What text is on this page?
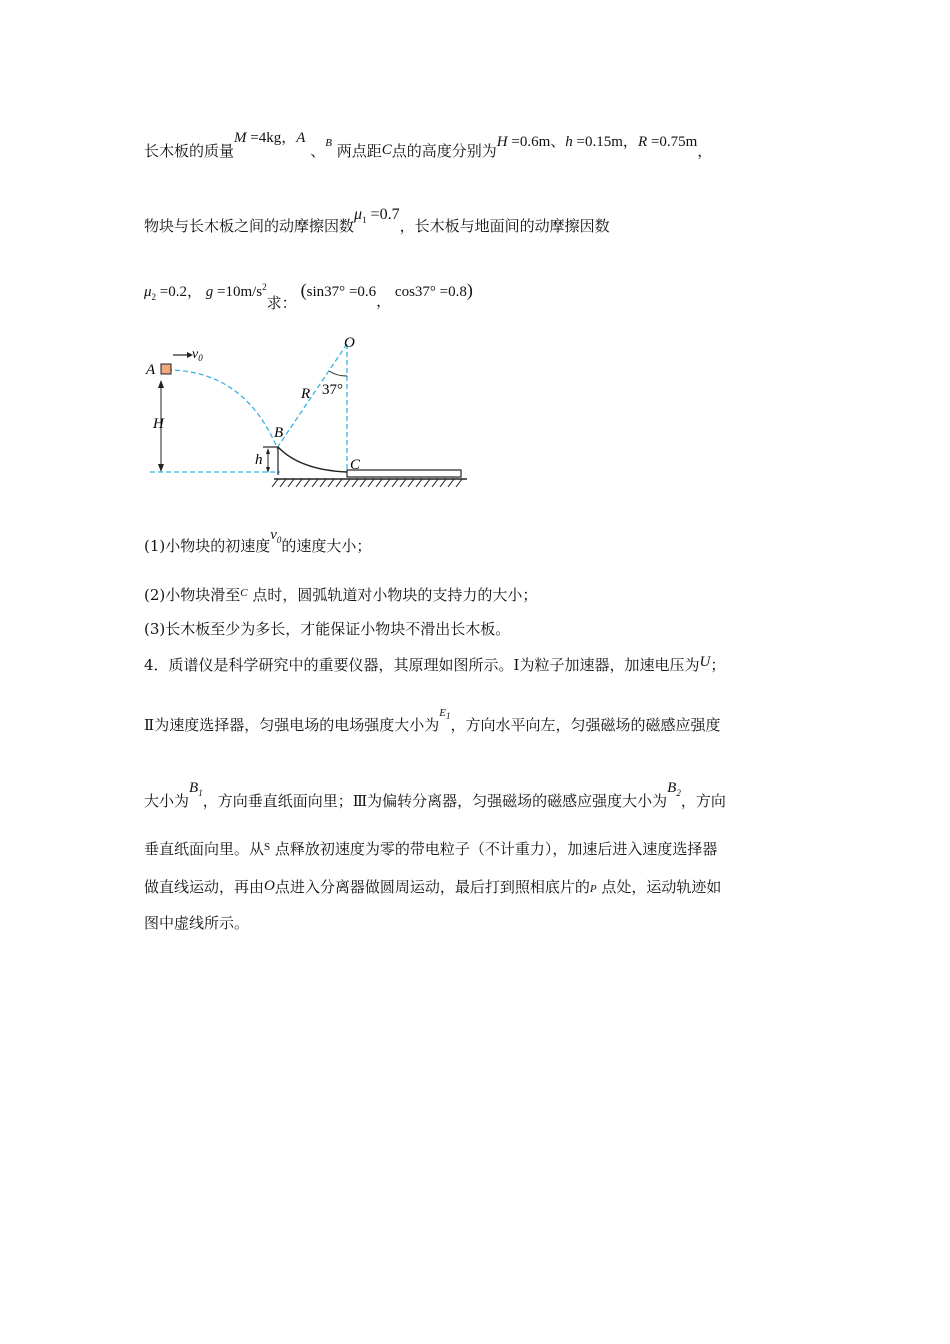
长木板的质量M =4kg，A 、$^B$ 两点距C点的高度分别为H =0.6m、h =0.15m，R =0.75m，
物块与长木板之间的动摩擦因数$\mu_1 =0.7$，长木板与地面间的动摩擦因数
$\mu_2 =0.2$， $g =10m/s^2$求：(sin37° =0.6， cos37° =0.8)
A
$v_0$
H
h
B
C
O
R 37°
(1)小物块的初速度$v_0$的速度大小；
(2)小物块滑至$^C$ 点时，圆弧轨道对小物块的支持力的大小；
(3)长木板至少为多长，才能保证小物块不滑出长木板。
4．质谱仪是科学研究中的重要仪器，其原理如图所示。Ⅰ为粒子加速器，加速电压为U；
Ⅱ为速度选择器，匀强电场的电场强度大小为$^{E_1}$，方向水平向左，匀强磁场的磁感应强度
大小为$B_1$，方向垂直纸面向里；Ⅲ为偏转分离器，匀强磁场的磁感应强度大小为$B_2$，方向
垂直纸面向里。从$^S$ 点释放初速度为零的带电粒子（不计重力），加速后进入速度选择器
做直线运动，再由O点进入分离器做圆周运动，最后打到照相底片的P 点处，运动轨迹如
图中虚线所示。
